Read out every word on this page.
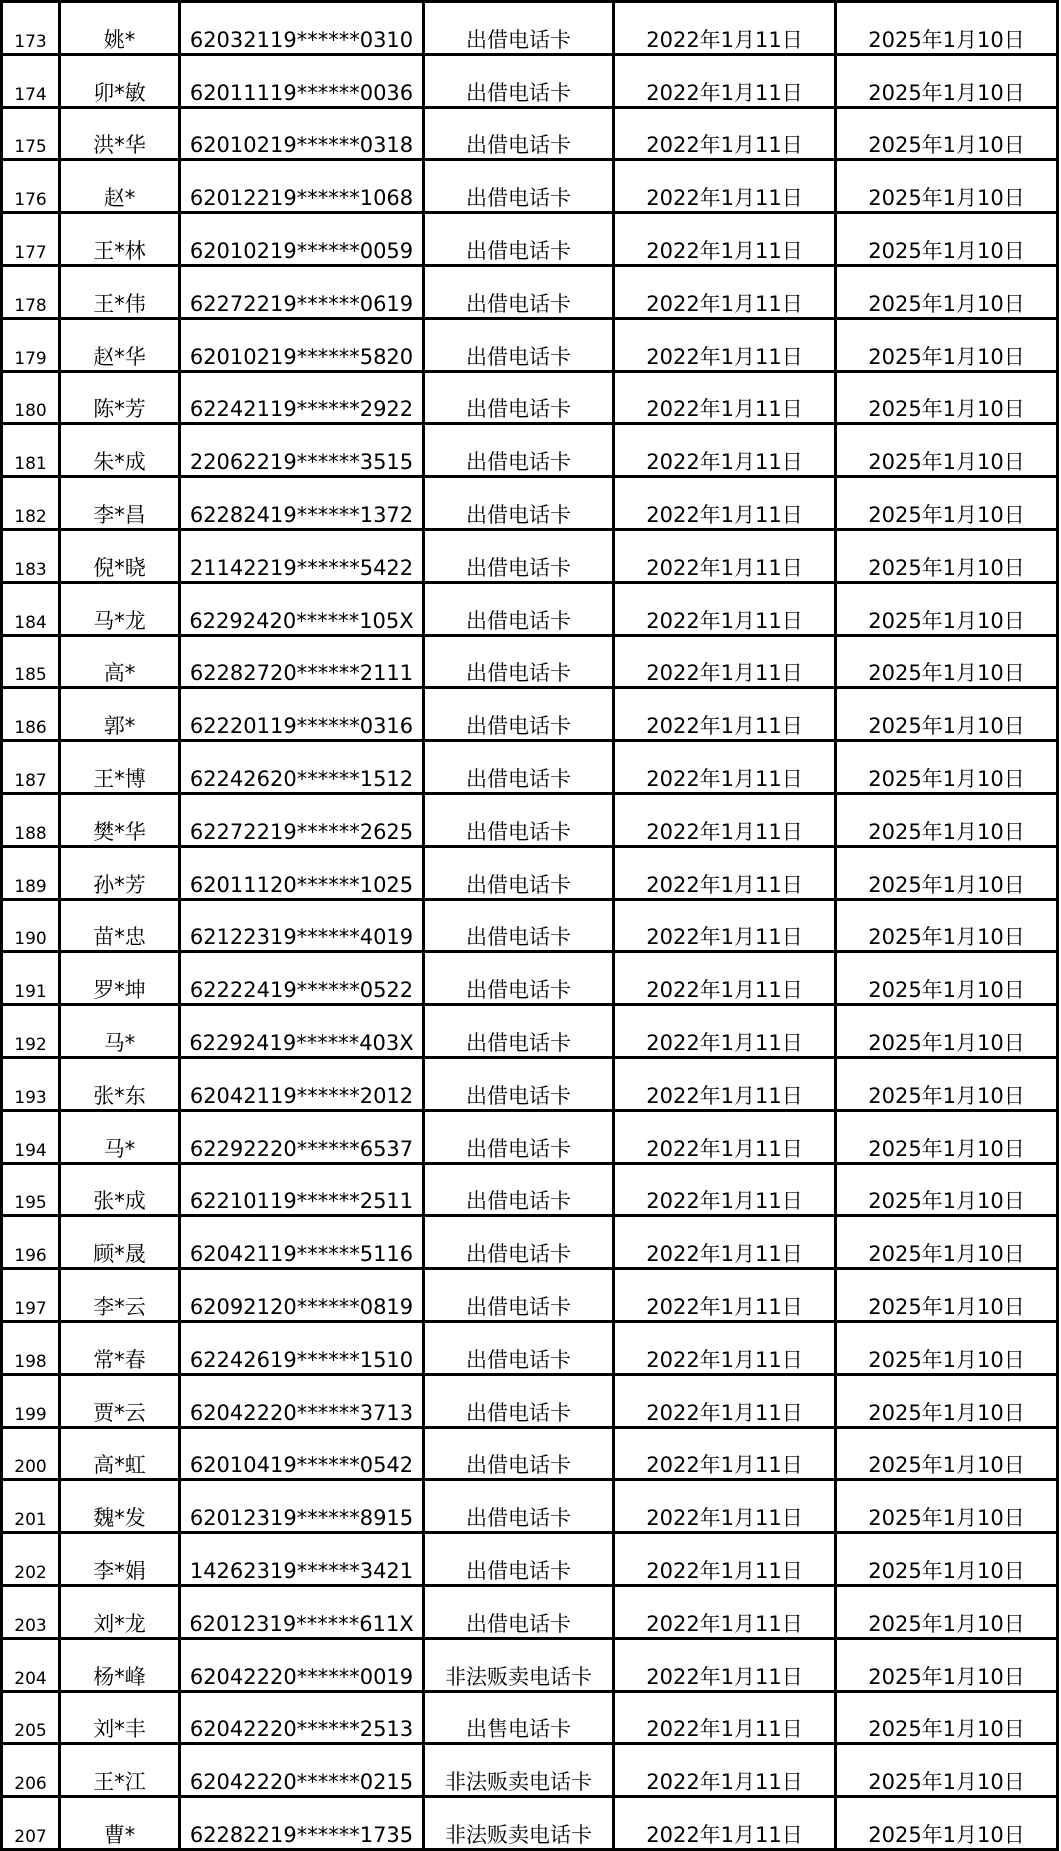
173	姚*	62032119******0310	出借电话卡	2022年1月11日	2025年1月10日
174	卯*敏	62011119******0036	出借电话卡	2022年1月11日	2025年1月10日
175	洪*华	62010219******0318	出借电话卡	2022年1月11日	2025年1月10日
176	赵*	62012219******1068	出借电话卡	2022年1月11日	2025年1月10日
177	王*林	62010219******0059	出借电话卡	2022年1月11日	2025年1月10日
178	王*伟	62272219******0619	出借电话卡	2022年1月11日	2025年1月10日
179	赵*华	62010219******5820	出借电话卡	2022年1月11日	2025年1月10日
180	陈*芳	62242119******2922	出借电话卡	2022年1月11日	2025年1月10日
181	朱*成	22062219******3515	出借电话卡	2022年1月11日	2025年1月10日
182	李*昌	62282419******1372	出借电话卡	2022年1月11日	2025年1月10日
183	倪*晓	21142219******5422	出借电话卡	2022年1月11日	2025年1月10日
184	马*龙	62292420******105X	出借电话卡	2022年1月11日	2025年1月10日
185	高*	62282720******2111	出借电话卡	2022年1月11日	2025年1月10日
186	郭*	62220119******0316	出借电话卡	2022年1月11日	2025年1月10日
187	王*博	62242620******1512	出借电话卡	2022年1月11日	2025年1月10日
188	樊*华	62272219******2625	出借电话卡	2022年1月11日	2025年1月10日
189	孙*芳	62011120******1025	出借电话卡	2022年1月11日	2025年1月10日
190	苗*忠	62122319******4019	出借电话卡	2022年1月11日	2025年1月10日
191	罗*坤	62222419******0522	出借电话卡	2022年1月11日	2025年1月10日
192	马*	62292419******403X	出借电话卡	2022年1月11日	2025年1月10日
193	张*东	62042119******2012	出借电话卡	2022年1月11日	2025年1月10日
194	马*	62292220******6537	出借电话卡	2022年1月11日	2025年1月10日
195	张*成	62210119******2511	出借电话卡	2022年1月11日	2025年1月10日
196	顾*晟	62042119******5116	出借电话卡	2022年1月11日	2025年1月10日
197	李*云	62092120******0819	出借电话卡	2022年1月11日	2025年1月10日
198	常*春	62242619******1510	出借电话卡	2022年1月11日	2025年1月10日
199	贾*云	62042220******3713	出借电话卡	2022年1月11日	2025年1月10日
200	高*虹	62010419******0542	出借电话卡	2022年1月11日	2025年1月10日
201	魏*发	62012319******8915	出借电话卡	2022年1月11日	2025年1月10日
202	李*娟	14262319******3421	出借电话卡	2022年1月11日	2025年1月10日
203	刘*龙	62012319******611X	出借电话卡	2022年1月11日	2025年1月10日
204	杨*峰	62042220******0019	非法贩卖电话卡	2022年1月11日	2025年1月10日
205	刘*丰	62042220******2513	出售电话卡	2022年1月11日	2025年1月10日
206	王*江	62042220******0215	非法贩卖电话卡	2022年1月11日	2025年1月10日
207	曹*	62282219******1735	非法贩卖电话卡	2022年1月11日	2025年1月10日
